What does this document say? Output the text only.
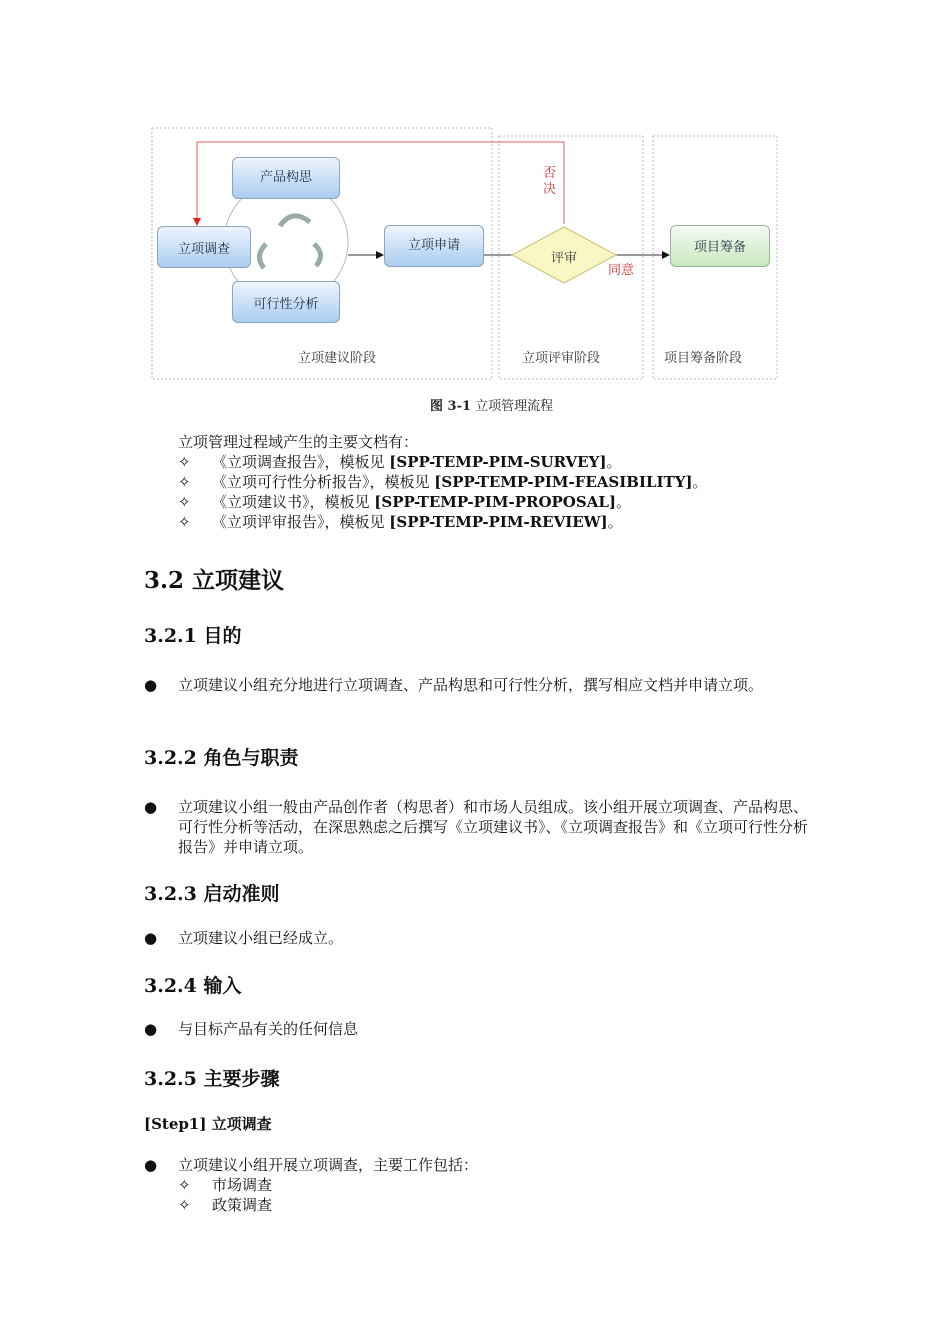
立项调查
产品构思
可行性分析
立项申请
评审
项目筹备
否
决
同意
立项建议阶段	立项评审阶段	项目筹备阶段
图 3-1 立项管理流程
立项管理过程域产生的主要文档有：
✧ 《立项调查报告》，模板见 [SPP-TEMP-PIM-SURVEY]。
✧ 《立项可行性分析报告》，模板见 [SPP-TEMP-PIM-FEASIBILITY]。
✧ 《立项建议书》，模板见 [SPP-TEMP-PIM-PROPOSAL]。
✧ 《立项评审报告》，模板见 [SPP-TEMP-PIM-REVIEW]。
3.2 立项建议
3.2.1 目的
● 立项建议小组充分地进行立项调查、产品构思和可行性分析，撰写相应文档并申请立项。
3.2.2 角色与职责
● 立项建议小组一般由产品创作者（构思者）和市场人员组成。该小组开展立项调查、产品构思、可行性分析等活动，在深思熟虑之后撰写《立项建议书》、《立项调查报告》和《立项可行性分析报告》并申请立项。
3.2.3 启动准则
● 立项建议小组已经成立。
3.2.4 输入
● 与目标产品有关的任何信息
3.2.5 主要步骤
[Step1] 立项调查
● 立项建议小组开展立项调查，主要工作包括：
✧ 市场调查
✧ 政策调查
